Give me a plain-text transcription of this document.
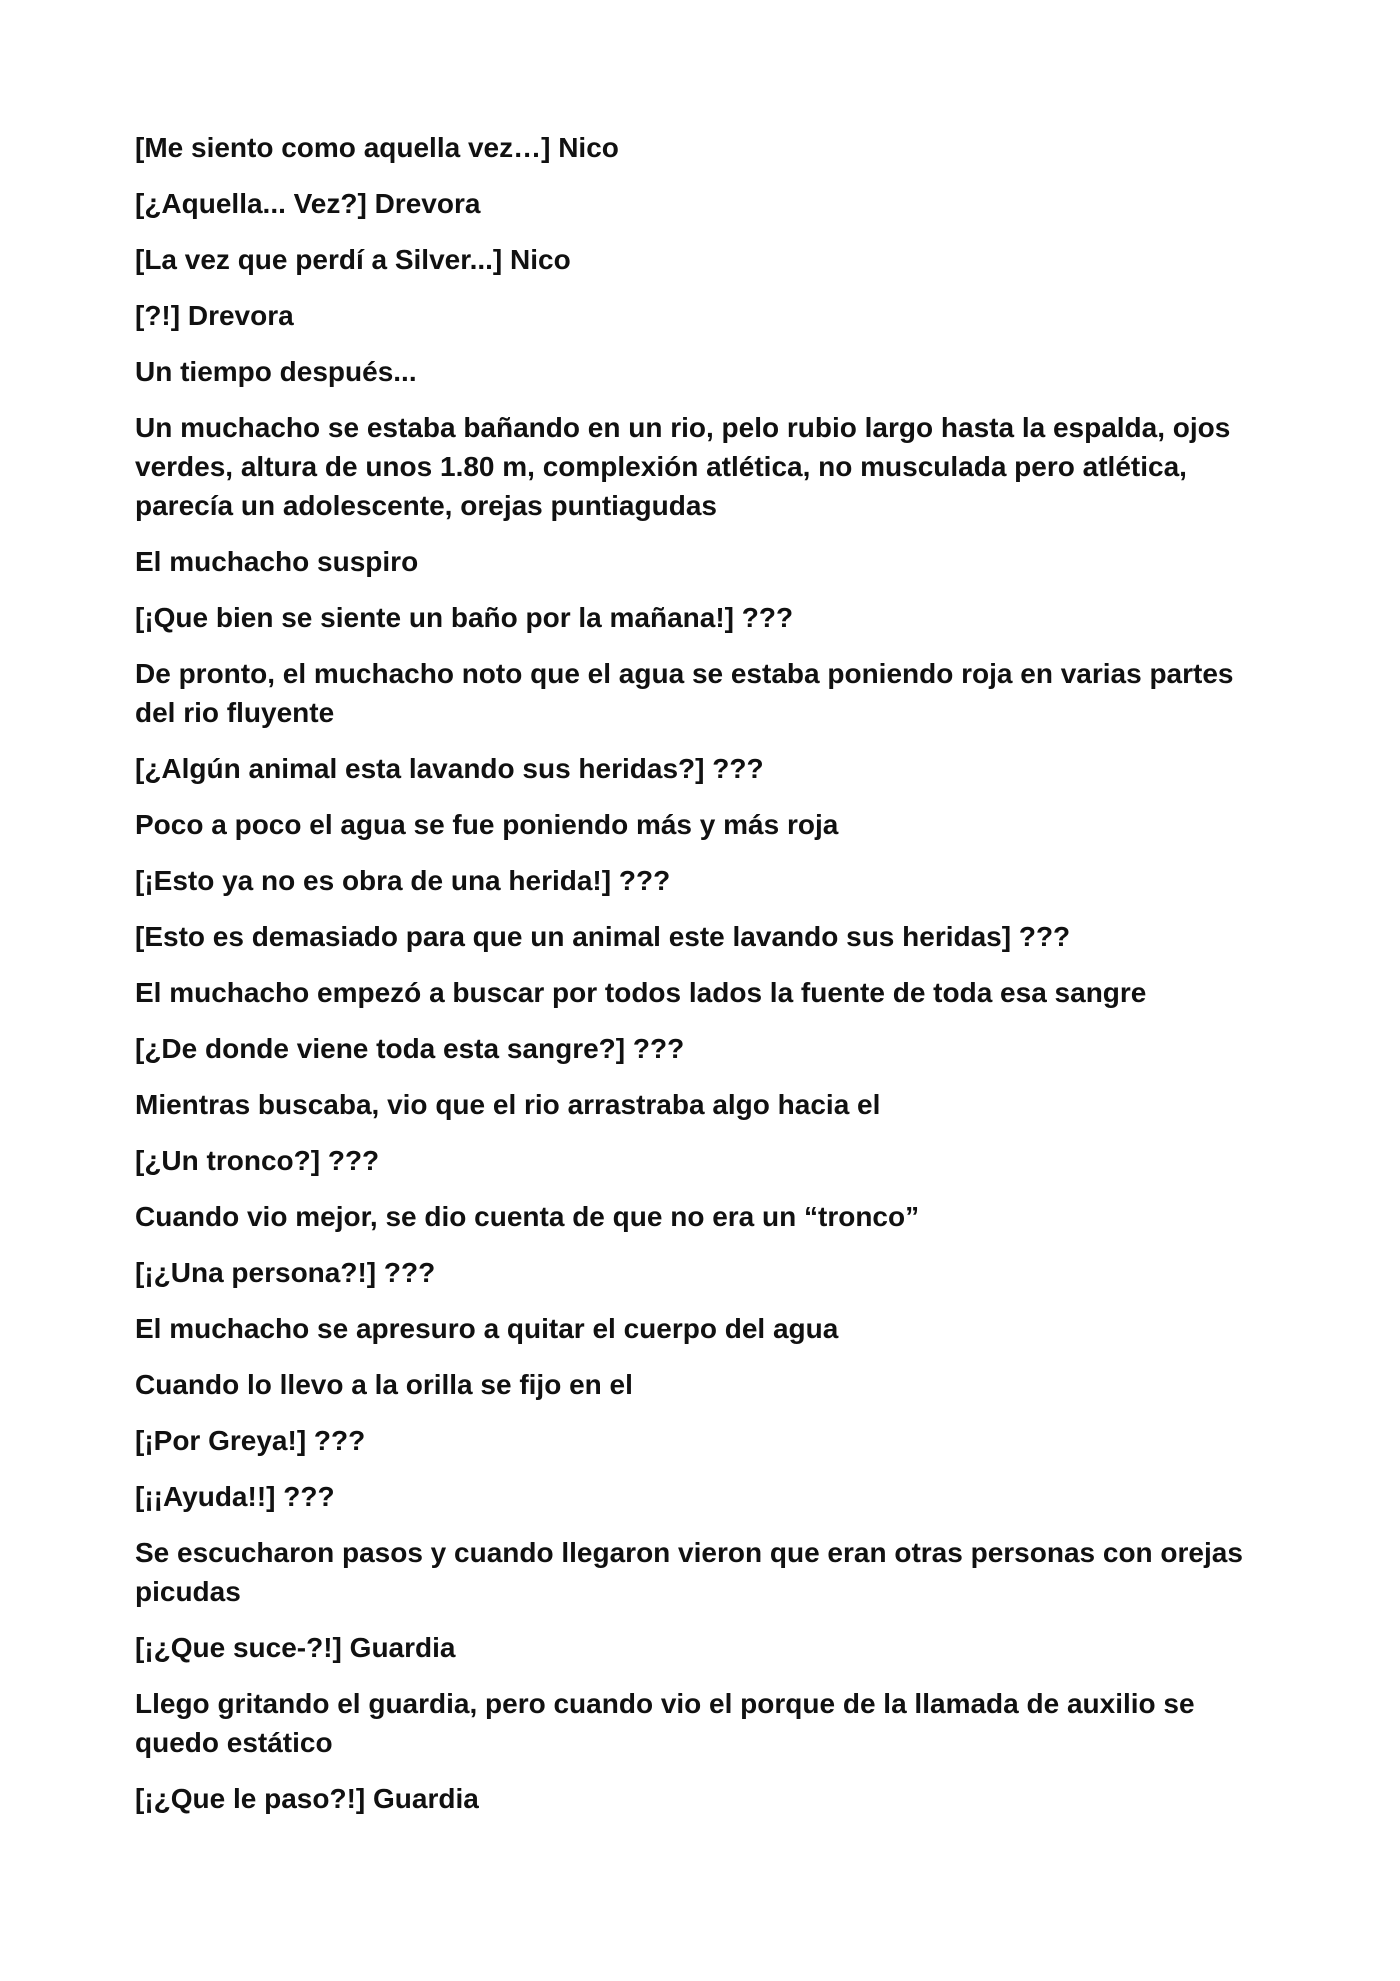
[Me siento como aquella vez…] Nico

[¿Aquella... Vez?] Drevora

[La vez que perdí a Silver...] Nico

[?!] Drevora

Un tiempo después...

Un muchacho se estaba bañando en un rio, pelo rubio largo hasta la espalda, ojos verdes, altura de unos 1.80 m, complexión atlética, no musculada pero atlética, parecía un adolescente, orejas puntiagudas

El muchacho suspiro

[¡Que bien se siente un baño por la mañana!] ???

De pronto, el muchacho noto que el agua se estaba poniendo roja en varias partes del rio fluyente

[¿Algún animal esta lavando sus heridas?] ???

Poco a poco el agua se fue poniendo más y más roja

[¡Esto ya no es obra de una herida!] ???

[Esto es demasiado para que un animal este lavando sus heridas] ???

El muchacho empezó a buscar por todos lados la fuente de toda esa sangre

[¿De donde viene toda esta sangre?] ???

Mientras buscaba, vio que el rio arrastraba algo hacia el

[¿Un tronco?] ???

Cuando vio mejor, se dio cuenta de que no era un “tronco”

[¡¿Una persona?!] ???

El muchacho se apresuro a quitar el cuerpo del agua

Cuando lo llevo a la orilla se fijo en el

[¡Por Greya!] ???

[¡¡Ayuda!!] ???

Se escucharon pasos y cuando llegaron vieron que eran otras personas con orejas picudas

[¡¿Que suce-?!] Guardia

Llego gritando el guardia, pero cuando vio el porque de la llamada de auxilio se quedo estático

[¡¿Que le paso?!] Guardia
